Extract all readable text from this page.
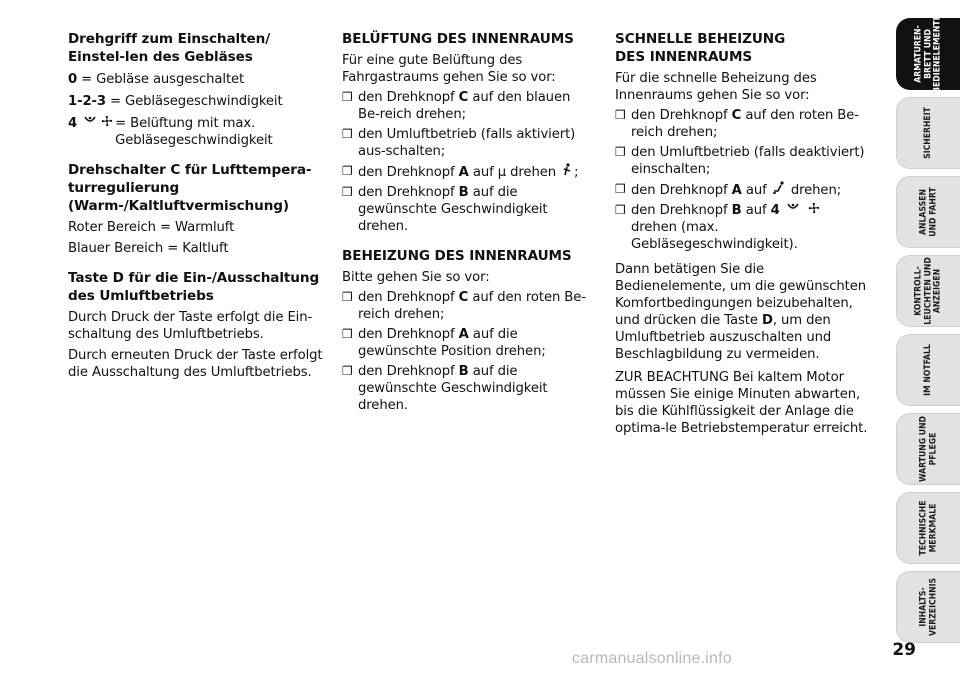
Drehgriff zum Einschalten/ Einstel-len des Gebläses
0 = Gebläse ausgeschaltet
1-2-3 = Gebläsegeschwindigkeit
4	= Belüftung mit max. Gebläsegeschwindigkeit
Drehschalter C für Lufttempera-turregulierung (Warm-/Kaltluftvermischung)
Roter Bereich = Warmluft
Blauer Bereich = Kaltluft
Taste D für die Ein-/Ausschaltung des Umluftbetriebs
Durch Druck der Taste erfolgt die Ein-schaltung des Umluftbetriebs.
Durch erneuten Druck der Taste erfolgt die Ausschaltung des Umluftbetriebs.
BELÜFTUNG DES INNENRAUMS
Für eine gute Belüftung des Fahrgastraums gehen Sie so vor:
❒ den Drehknopf C auf den blauen Be-reich drehen;
❒ den Umluftbetrieb (falls aktiviert) aus-schalten;
❒ den Drehknopf A auf µ drehen ;
❒ den Drehknopf B auf die gewünschte Geschwindigkeit drehen.
BEHEIZUNG DES INNENRAUMS
Bitte gehen Sie so vor:
❒ den Drehknopf C auf den roten Be-reich drehen;
❒ den Drehknopf A auf die gewünschte Position drehen;
❒ den Drehknopf B auf die gewünschte Geschwindigkeit drehen.
SCHNELLE BEHEIZUNG DES INNENRAUMS
Für die schnelle Beheizung des Innenraums gehen Sie so vor:
❒ den Drehknopf C auf den roten Be-reich drehen;
❒ den Umluftbetrieb (falls deaktiviert) einschalten;
❒ den Drehknopf A auf drehen;
❒ den Drehknopf B auf 4   drehen (max. Gebläsegeschwindigkeit).
Dann betätigen Sie die Bedienelemente, um die gewünschten Komfortbedingungen beizubehalten, und drücken die Taste D, um den Umluftbetrieb auszuschalten und Beschlagbildung zu vermeiden.
ZUR BEACHTUNG Bei kaltem Motor müssen Sie einige Minuten abwarten, bis die Kühlflüssigkeit der Anlage die optima-le Betriebstemperatur erreicht.
ARMATUREN-
BRETT UND
BEDIENELEMENTE
SICHERHEIT
ANLASSEN
UND FAHRT
KONTROLL-
LEUCHTEN UND
ANZEIGEN
IM NOTFALL
WARTUNG UND
PFLEGE
TECHNISCHE
MERKMALE
INHALTS-
VERZEICHNIS
29
carmanualsonline.info
